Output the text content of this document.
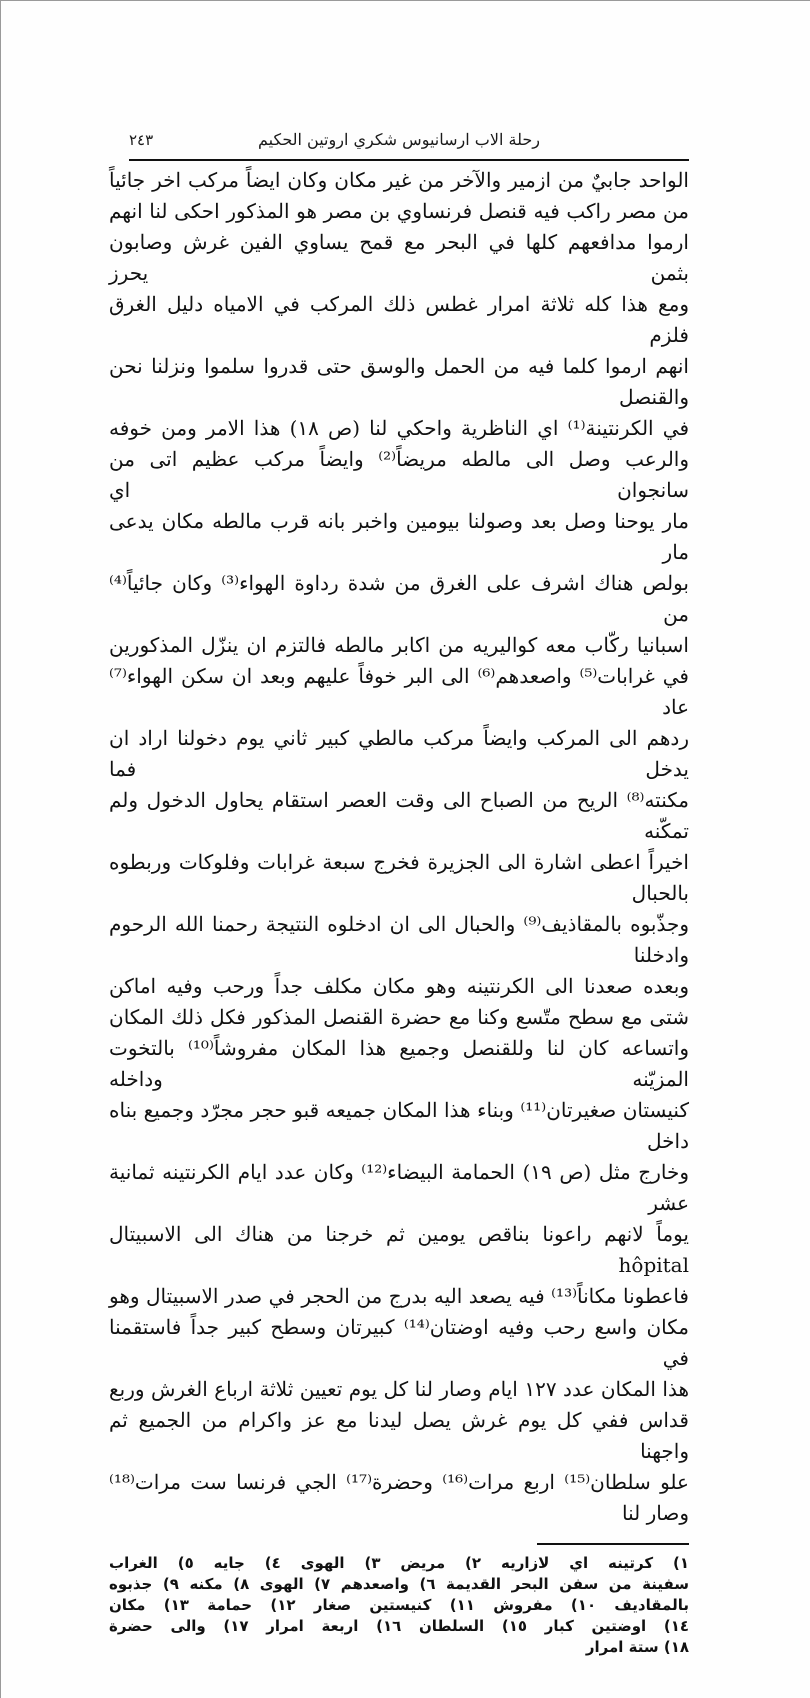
رحلة الاب ارسانيوس شكري اروتين الحكيم
٢٤٣
الواحد جابيٌ من ازمير والآخر من غير مكان وكان ايضاً مركب اخر جائياً
من مصر راكب فيه قنصل فرنساوي بن مصر هو المذكور احكى لنا انهم
ارموا مدافعهم كلها في البحر مع قمح يساوي الفين غرش وصابون بثمن يحرز
ومع هذا كله ثلاثة امرار غطس ذلك المركب في الامياه دليل الغرق فلزم
انهم ارموا كلما فيه من الحمل والوسق حتى قدروا سلموا ونزلنا نحن والقنصل
في الكرنتينة⁽¹⁾ اي الناظرية واحكي لنا (ص ١٨) هذا الامر ومن خوفه
والرعب وصل الى مالطه مريضاً⁽²⁾ وايضاً مركب عظيم اتى من سانجوان اي
مار يوحنا وصل بعد وصولنا بيومين واخبر بانه قرب مالطه مكان يدعى مار
بولص هناك اشرف على الغرق من شدة رداوة الهواء⁽³⁾ وكان جائياً⁽⁴⁾ من
اسبانيا ركّاب معه كواليريه من اكابر مالطه فالتزم ان ينزّل المذكورين
في غرابات⁽⁵⁾ واصعدهم⁽⁶⁾ الى البر خوفاً عليهم وبعد ان سكن الهواء⁽⁷⁾ عاد
ردهم الى المركب وايضاً مركب مالطي كبير ثاني يوم دخولنا اراد ان يدخل فما
مكنته⁽⁸⁾ الريح من الصباح الى وقت العصر استقام يحاول الدخول ولم تمكّنه
اخيراً اعطى اشارة الى الجزيرة فخرج سبعة غرابات وفلوكات وربطوه بالحبال
وجذّبوه بالمقاذيف⁽⁹⁾ والحبال الى ان ادخلوه النتيجة رحمنا الله الرحوم وادخلنا
وبعده صعدنا الى الكرنتينه وهو مكان مكلف جداً ورحب وفيه اماكن
شتى مع سطح متّسع وكنا مع حضرة القنصل المذكور فكل ذلك المكان
واتساعه كان لنا وللقنصل وجميع هذا المكان مفروشاً⁽¹⁰⁾ بالتخوت المزيّنه وداخله
كنيستان صغيرتان⁽¹¹⁾ وبناء هذا المكان جميعه قبو حجر مجرّد وجميع بناه داخل
وخارج مثل (ص ١٩) الحمامة البيضاء⁽¹²⁾ وكان عدد ايام الكرنتينه ثمانية عشر
يوماً لانهم راعونا بناقص يومين ثم خرجنا من هناك الى الاسبيتال hôpital
فاعطونا مكاناً⁽¹³⁾ فيه يصعد اليه بدرج من الحجر في صدر الاسبيتال وهو
مكان واسع رحب وفيه اوضتان⁽¹⁴⁾ كبيرتان وسطح كبير جداً فاستقمنا في
هذا المكان عدد ١٢٧ ايام وصار لنا كل يوم تعيين ثلاثة ارباع الغرش وربع
قداس ففي كل يوم غرش يصل ليدنا مع عز واكرام من الجميع ثم واجهنا
علو سلطان⁽¹⁵⁾ اربع مرات⁽¹⁶⁾ وحضرة⁽¹⁷⁾ الجي فرنسا ست مرات⁽¹⁸⁾ وصار لنا
١) كرتينه اي لازاريه ٢) مريض ٣) الهوى ٤) جايه ٥) الغراب
سفينة من سفن البحر القديمة ٦) واصعدهم ٧) الهوى ٨) مكنه ٩) جذبوه
بالمقاديف ١٠) مفروش ١١) كنيستين صغار ١٢) حمامة ١٣) مكان
١٤) اوضتين كبار ١٥) السلطان ١٦) اربعة امرار ١٧) والى حضرة
١٨) ستة امرار
